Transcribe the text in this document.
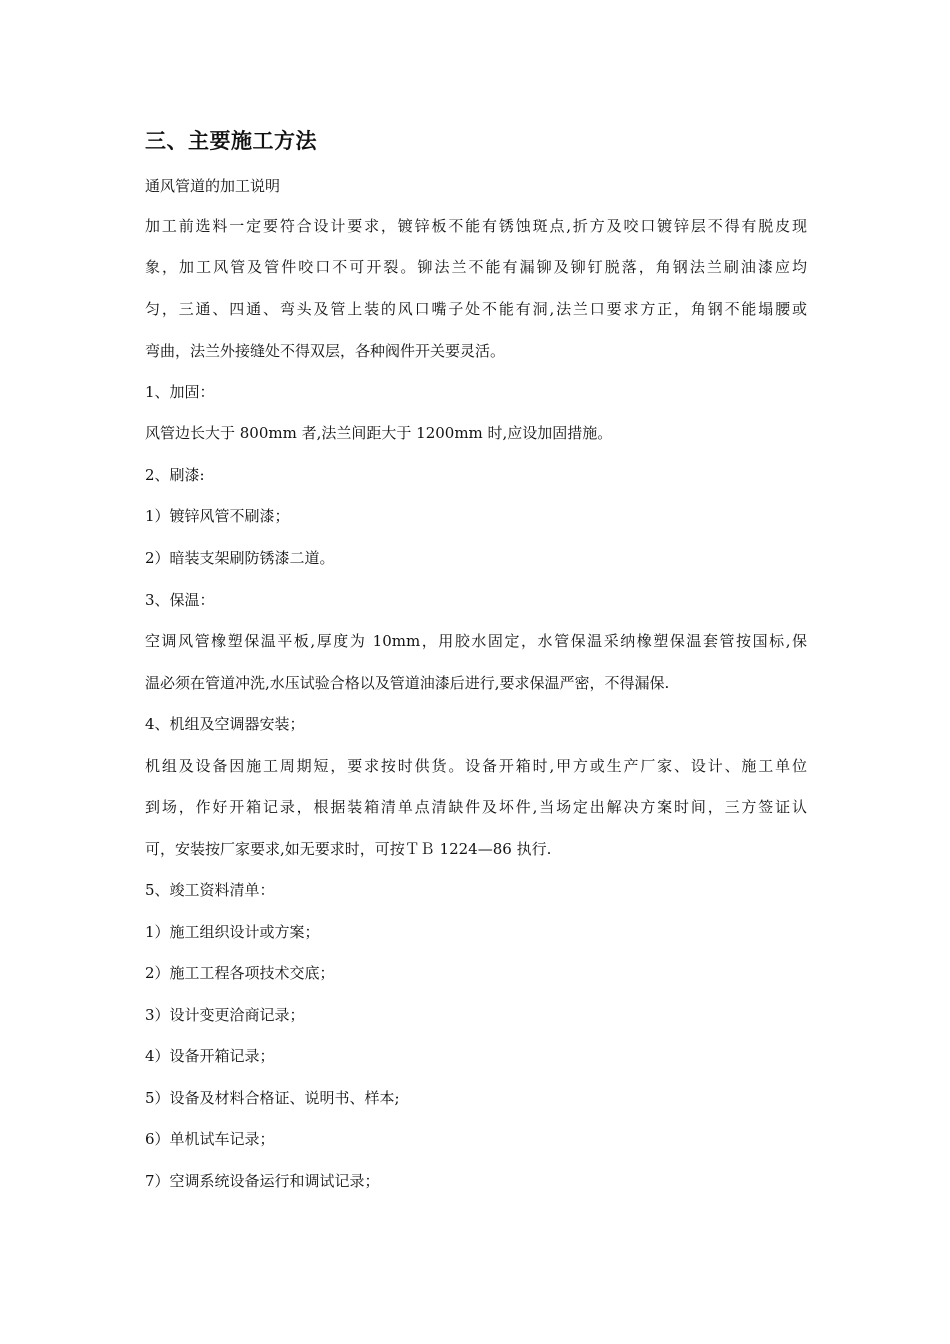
三、主要施工方法
通风管道的加工说明
加工前选料一定要符合设计要求，镀锌板不能有锈蚀斑点,折方及咬口镀锌层不得有脱皮现
象，加工风管及管件咬口不可开裂。铆法兰不能有漏铆及铆钉脱落，角钢法兰刷油漆应均
匀，三通、四通、弯头及管上装的风口嘴子处不能有洞,法兰口要求方正，角钢不能塌腰或
弯曲，法兰外接缝处不得双层，各种阀件开关要灵活。
1、加固：
风管边长大于 800mm 者,法兰间距大于 1200mm 时,应设加固措施。
2、刷漆:
1）镀锌风管不刷漆；
2）暗装支架刷防锈漆二道。
3、保温：
空调风管橡塑保温平板,厚度为 10mm，用胶水固定，水管保温采纳橡塑保温套管按国标,保
温必须在管道冲洗,水压试验合格以及管道油漆后进行,要求保温严密，不得漏保.
4、机组及空调器安装；
机组及设备因施工周期短，要求按时供货。设备开箱时,甲方或生产厂家、设计、施工单位
到场，作好开箱记录，根据装箱清单点清缺件及坏件,当场定出解决方案时间，三方签证认
可，安装按厂家要求,如无要求时，可按ＴＢ 1224—86 执行.
5、竣工资料清单：
1）施工组织设计或方案；
2）施工工程各项技术交底；
3）设计变更洽商记录；
4）设备开箱记录；
5）设备及材料合格证、说明书、样本;
6）单机试车记录；
7）空调系统设备运行和调试记录；
